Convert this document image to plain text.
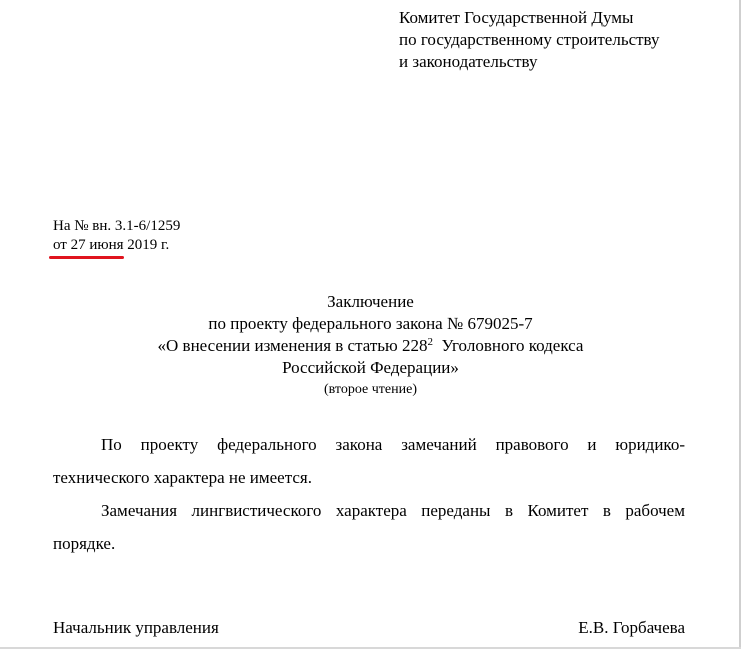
Комитет Государственной Думы
по государственному строительству
и законодательству
На № вн. 3.1-6/1259
от 27 июня 2019 г.
Заключение
по проекту федерального закона № 679025-7
«О внесении изменения в статью $228^2$  Уголовного кодекса
Российской Федерации»
(второе чтение)
По проекту федерального закона замечаний правового и юридико-
технического характера не имеется.
Замечания лингвистического характера переданы в Комитет в рабочем
порядке.
Начальник управления	Е.В. Горбачева
